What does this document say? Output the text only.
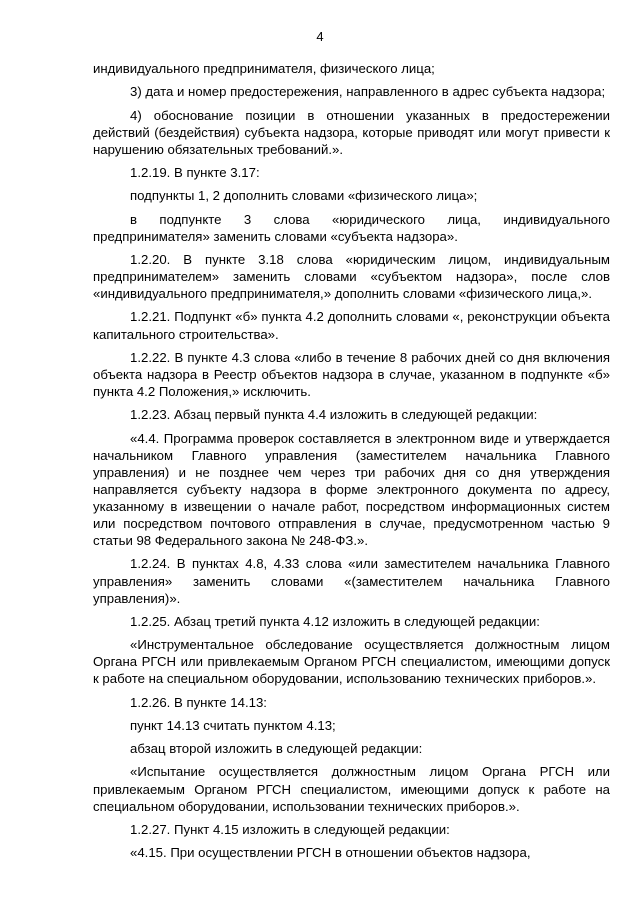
4

индивидуального предпринимателя, физического лица;

3) дата и номер предостережения, направленного в адрес субъекта надзора;

4) обоснование позиции в отношении указанных в предостережении действий (бездействия) субъекта надзора, которые приводят или могут привести к нарушению обязательных требований.».

1.2.19. В пункте 3.17:

подпункты 1, 2 дополнить словами «физического лица»;

в подпункте 3 слова «юридического лица, индивидуального предпринимателя» заменить словами «субъекта надзора».

1.2.20. В пункте 3.18 слова «юридическим лицом, индивидуальным предпринимателем» заменить словами «субъектом надзора», после слов «индивидуального предпринимателя,» дополнить словами «физического лица,».

1.2.21. Подпункт «б» пункта 4.2 дополнить словами «, реконструкции объекта капитального строительства».

1.2.22. В пункте 4.3 слова «либо в течение 8 рабочих дней со дня включения объекта надзора в Реестр объектов надзора в случае, указанном в подпункте «б» пункта 4.2 Положения,» исключить.

1.2.23. Абзац первый пункта 4.4 изложить в следующей редакции:

«4.4. Программа проверок составляется в электронном виде и утверждается начальником Главного управления (заместителем начальника Главного управления) и не позднее чем через три рабочих дня со дня утверждения направляется субъекту надзора в форме электронного документа по адресу, указанному в извещении о начале работ, посредством информационных систем или посредством почтового отправления в случае, предусмотренном частью 9 статьи 98 Федерального закона № 248-ФЗ.».

1.2.24. В пунктах 4.8, 4.33 слова «или заместителем начальника Главного управления» заменить словами «(заместителем начальника Главного управления)».

1.2.25. Абзац третий пункта 4.12 изложить в следующей редакции:

«Инструментальное обследование осуществляется должностным лицом Органа РГСН или привлекаемым Органом РГСН специалистом, имеющими допуск к работе на специальном оборудовании, использованию технических приборов.».

1.2.26. В пункте 14.13:

пункт 14.13 считать пунктом 4.13;

абзац второй изложить в следующей редакции:

«Испытание осуществляется должностным лицом Органа РГСН или привлекаемым Органом РГСН специалистом, имеющими допуск к работе на специальном оборудовании, использовании технических приборов.».

1.2.27. Пункт 4.15 изложить в следующей редакции:

«4.15. При осуществлении РГСН в отношении объектов надзора,
